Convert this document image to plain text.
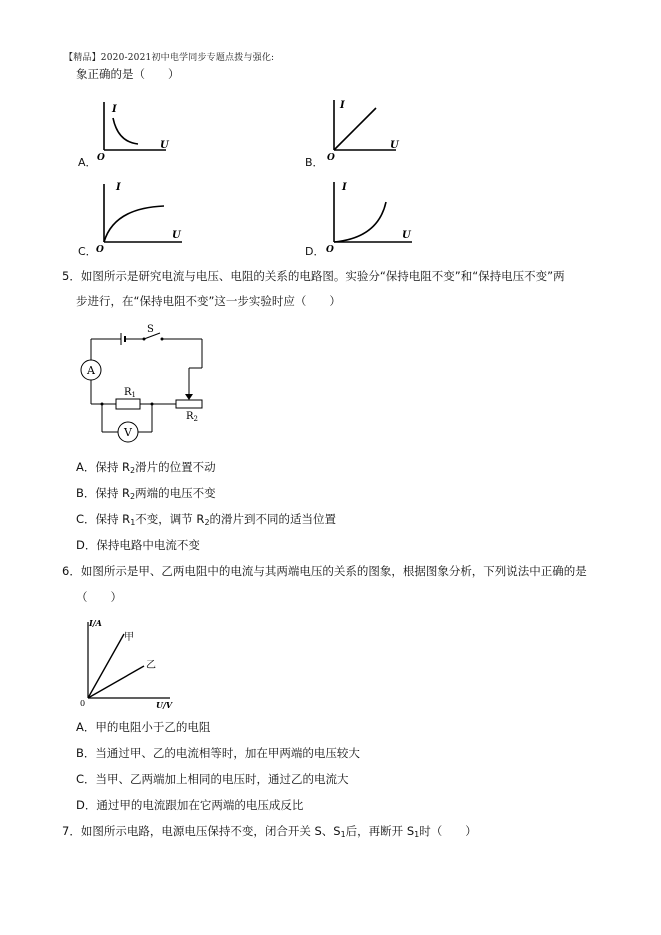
【精品】2020-2021初中电学同步专题点拨与强化:
象正确的是（　　）
A．
I
U
O	B．
I
U
O
C．
I
U
O	D．
I
U
O
5．如图所示是研究电流与电压、电阻的关系的电路图。实验分“保持电阻不变”和“保持电压不变”两
步进行，在“保持电阻不变”这一步实验时应（　　）
S
A
$R_1$
$R_2$
V
A．保持 $R_2$滑片的位置不动
B．保持 $R_2$两端的电压不变
C．保持 $R_1$不变，调节 $R_2$的滑片到不同的适当位置
D．保持电路中电流不变
6．如图所示是甲、乙两电阻中的电流与其两端电压的关系的图象，根据图象分析，下列说法中正确的是
（　　）
I/A
U/V
0
甲
乙
A．甲的电阻小于乙的电阻
B．当通过甲、乙的电流相等时，加在甲两端的电压较大
C．当甲、乙两端加上相同的电压时，通过乙的电流大
D．通过甲的电流跟加在它两端的电压成反比
7．如图所示电路，电源电压保持不变，闭合开关 S、$S_1$后，再断开 $S_1$时（　　）
